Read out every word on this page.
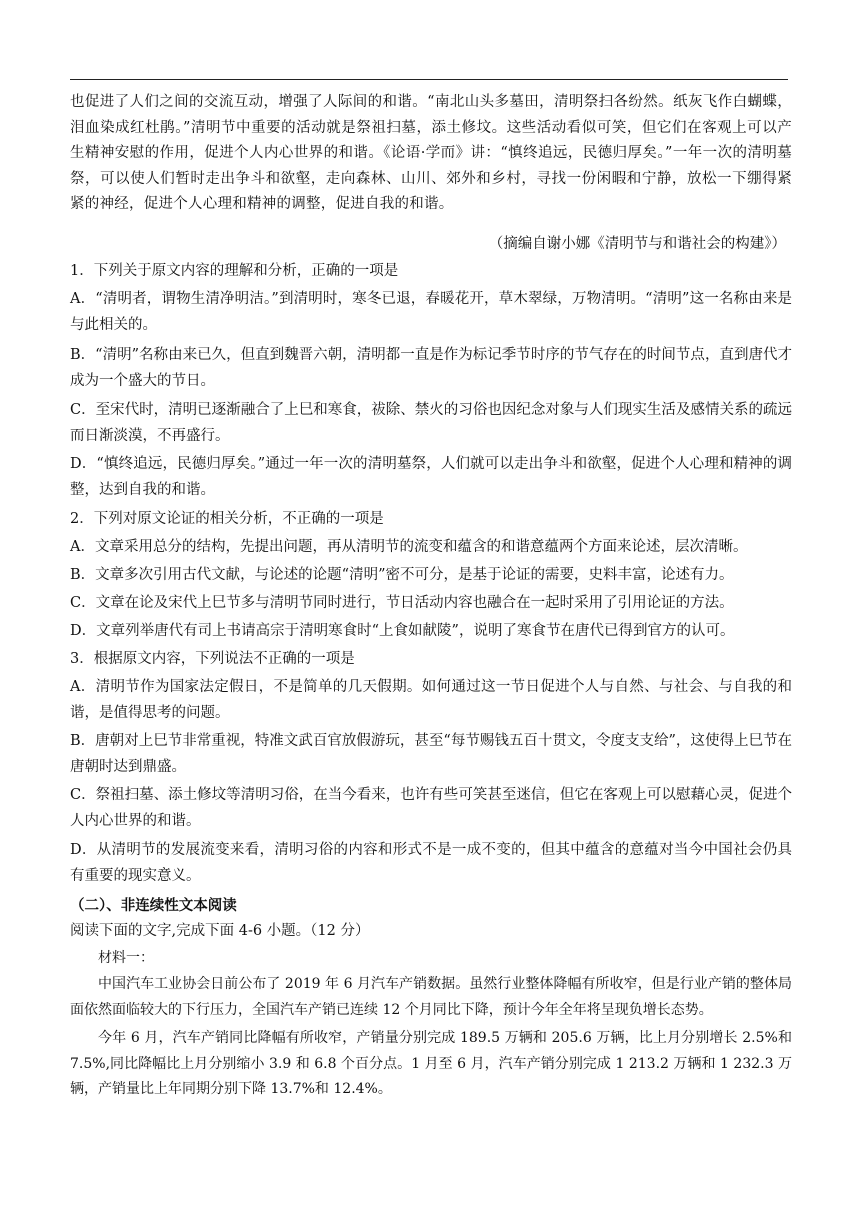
也促进了人们之间的交流互动，增强了人际间的和谐。“南北山头多墓田，清明祭扫各纷然。纸灰飞作白蝴蝶，泪血染成红杜鹃。”清明节中重要的活动就是祭祖扫墓，添土修坟。这些活动看似可笑，但它们在客观上可以产生精神安慰的作用，促进个人内心世界的和谐。《论语·学而》讲：“慎终追远，民德归厚矣。”一年一次的清明墓祭，可以使人们暂时走出争斗和欲壑，走向森林、山川、郊外和乡村，寻找一份闲暇和宁静，放松一下绷得紧紧的神经，促进个人心理和精神的调整，促进自我的和谐。
（摘编自谢小娜《清明节与和谐社会的构建》）
1．下列关于原文内容的理解和分析，正确的一项是
A．“清明者，谓物生清净明洁。”到清明时，寒冬已退，春暖花开，草木翠绿，万物清明。“清明”这一名称由来是与此相关的。
B．“清明”名称由来已久，但直到魏晋六朝，清明都一直是作为标记季节时序的节气存在的时间节点，直到唐代才成为一个盛大的节日。
C．至宋代时，清明已逐渐融合了上巳和寒食，祓除、禁火的习俗也因纪念对象与人们现实生活及感情关系的疏远而日渐淡漠，不再盛行。
D．“慎终追远，民德归厚矣。”通过一年一次的清明墓祭，人们就可以走出争斗和欲壑，促进个人心理和精神的调整，达到自我的和谐。
2．下列对原文论证的相关分析，不正确的一项是
A．文章采用总分的结构，先提出问题，再从清明节的流变和蕴含的和谐意蕴两个方面来论述，层次清晰。
B．文章多次引用古代文献，与论述的论题“清明”密不可分，是基于论证的需要，史料丰富，论述有力。
C．文章在论及宋代上巳节多与清明节同时进行，节日活动内容也融合在一起时采用了引用论证的方法。
D．文章列举唐代有司上书请高宗于清明寒食时“上食如献陵”，说明了寒食节在唐代已得到官方的认可。
3．根据原文内容，下列说法不正确的一项是
A．清明节作为国家法定假日，不是简单的几天假期。如何通过这一节日促进个人与自然、与社会、与自我的和谐，是值得思考的问题。
B．唐朝对上巳节非常重视，特准文武百官放假游玩，甚至“每节赐钱五百十贯文，令度支支给”，这使得上巳节在唐朝时达到鼎盛。
C．祭祖扫墓、添土修坟等清明习俗，在当今看来，也许有些可笑甚至迷信，但它在客观上可以慰藉心灵，促进个人内心世界的和谐。
D．从清明节的发展流变来看，清明习俗的内容和形式不是一成不变的，但其中蕴含的意蕴对当今中国社会仍具有重要的现实意义。
（二）、非连续性文本阅读
阅读下面的文字,完成下面 4-6 小题。（12 分）
材料一：
中国汽车工业协会日前公布了 2019 年 6 月汽车产销数据。虽然行业整体降幅有所收窄，但是行业产销的整体局面依然面临较大的下行压力，全国汽车产销已连续 12 个月同比下降，预计今年全年将呈现负增长态势。
今年 6 月，汽车产销同比降幅有所收窄，产销量分别完成 189.5 万辆和 205.6 万辆，比上月分别增长 2.5%和 7.5%,同比降幅比上月分别缩小 3.9 和 6.8 个百分点。1 月至 6 月，汽车产销分别完成 1 213.2 万辆和 1 232.3 万辆，产销量比上年同期分别下降 13.7%和 12.4%。
